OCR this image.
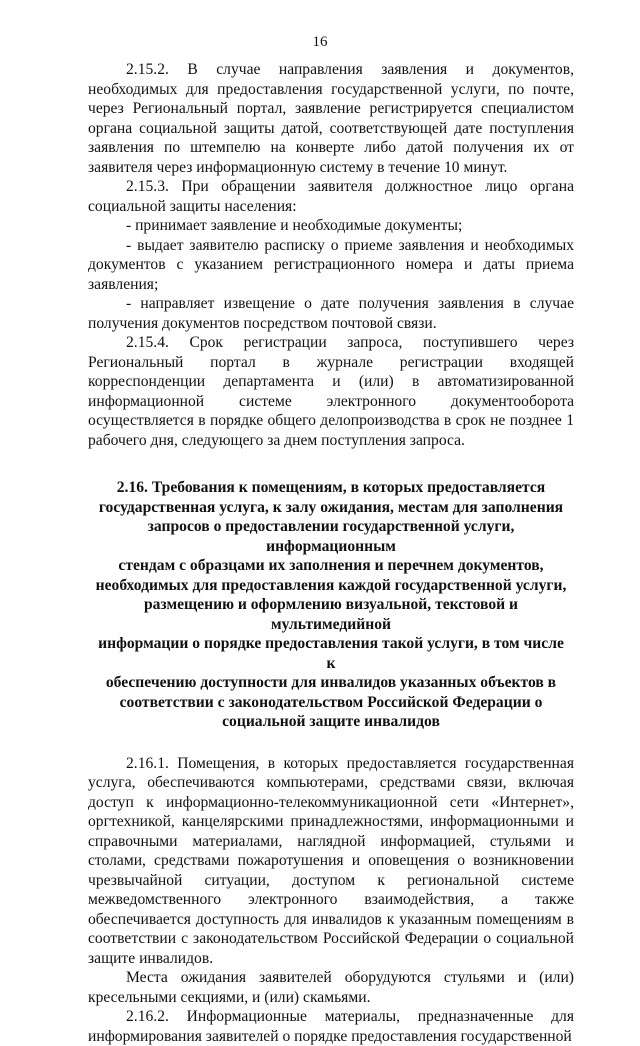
16

2.15.2. В случае направления заявления и документов, необходимых для предоставления государственной услуги, по почте, через Региональный портал, заявление регистрируется специалистом органа социальной защиты датой, соответствующей дате поступления заявления по штемпелю на конверте либо датой получения их от заявителя через информационную систему в течение 10 минут.

2.15.3. При обращении заявителя должностное лицо органа социальной защиты населения:

- принимает заявление и необходимые документы;

- выдает заявителю расписку о приеме заявления и необходимых документов с указанием регистрационного номера и даты приема заявления;

- направляет извещение о дате получения заявления в случае получения документов посредством почтовой связи.

2.15.4. Срок регистрации запроса, поступившего через Региональный портал в журнале регистрации входящей корреспонденции департамента и (или) в автоматизированной информационной системе электронного документооборота осуществляется в порядке общего делопроизводства в срок не позднее 1 рабочего дня, следующего за днем поступления запроса.

2.16. Требования к помещениям, в которых предоставляется
государственная услуга, к залу ожидания, местам для заполнения
запросов о предоставлении государственной услуги, информационным
стендам с образцами их заполнения и перечнем документов,
необходимых для предоставления каждой государственной услуги,
размещению и оформлению визуальной, текстовой и мультимедийной
информации о порядке предоставления такой услуги, в том числе к
обеспечению доступности для инвалидов указанных объектов в
соответствии с законодательством Российской Федерации о
социальной защите инвалидов

2.16.1. Помещения, в которых предоставляется государственная услуга, обеспечиваются компьютерами, средствами связи, включая доступ к информационно-телекоммуникационной сети «Интернет», оргтехникой, канцелярскими принадлежностями, информационными и справочными материалами, наглядной информацией, стульями и столами, средствами пожаротушения и оповещения о возникновении чрезвычайной ситуации, доступом к региональной системе межведомственного электронного взаимодействия, а также обеспечивается доступность для инвалидов к указанным помещениям в соответствии с законодательством Российской Федерации о социальной защите инвалидов.

Места ожидания заявителей оборудуются стульями и (или) кресельными секциями, и (или) скамьями.

2.16.2. Информационные материалы, предназначенные для информирования заявителей о порядке предоставления государственной
